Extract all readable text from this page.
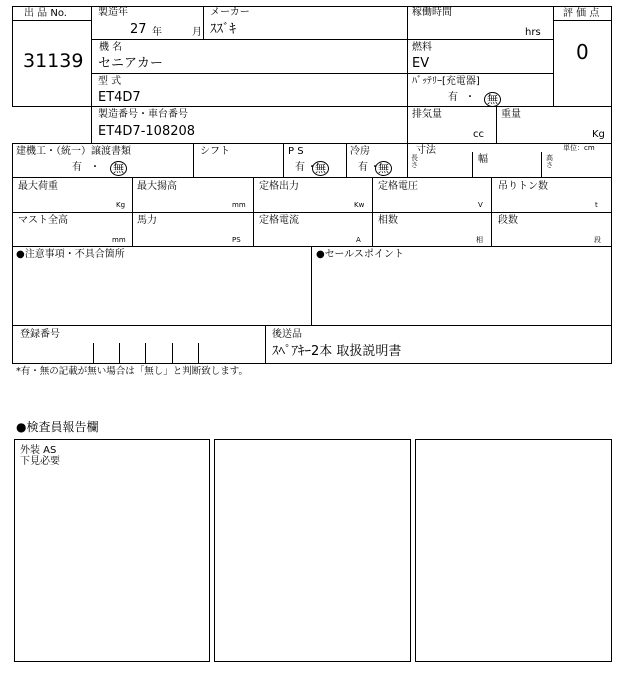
出 品 No.
31139
製造年
27 年	月
メーカー
ｽｽﾞｷ
稼働時間
hrs
評 価 点
0
機 名
セニアカー
燃料
EV
型 式
ET4D7
ﾊﾞｯﾃﾘｰ[充電器]
有 ・ 無
製造番号・車台番号
ET4D7-108208
排気量
cc
重量
Kg
建機工・（統一）譲渡書類
有 ・ 無
シフト	P S
有 ・
無
冷房
有 ・
無
寸法	単位：cm
長さ	幅	高さ
最大荷重
Kg
最大揚高
mm
定格出力
Kw
定格電圧
V
吊りトン数
t
マスト全高
mm
馬力
PS
定格電流
A
相数
相
段数
段
●注意事項・不具合箇所	●セールスポイント
登録番号	後送品
ｽﾍﾟｱｷｰ2本 取扱説明書
*有・無の記載が無い場合は「無し」と判断致します。
●検査員報告欄
外装 AS
下見必要
